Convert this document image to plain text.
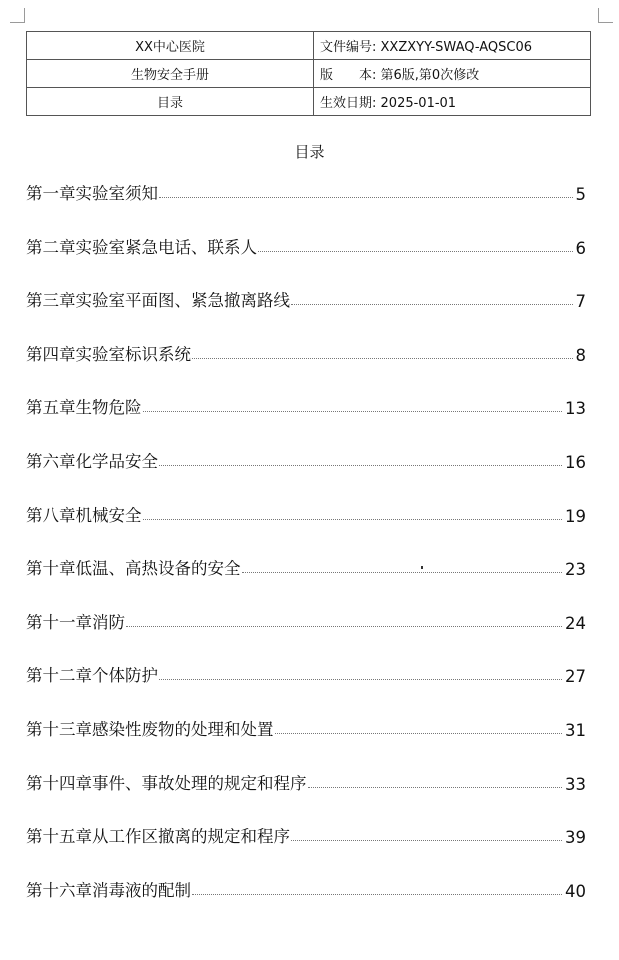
XX中心医院	文件编号: XXZXYY-SWAQ-AQSC06
生物安全手册	版　　本: 第6版,第0次修改
目录	生效日期: 2025-01-01
目录
第一章实验室须知	5
第二章实验室紧急电话、联系人	6
第三章实验室平面图、紧急撤离路线	7
第四章实验室标识系统	8
第五章生物危险	13
第六章化学品安全	16
第八章机械安全	19
第十章低温、高热设备的安全	23
第十一章消防	24
第十二章个体防护	27
第十三章感染性废物的处理和处置	31
第十四章事件、事故处理的规定和程序	33
第十五章从工作区撤离的规定和程序	39
第十六章消毒液的配制	40
